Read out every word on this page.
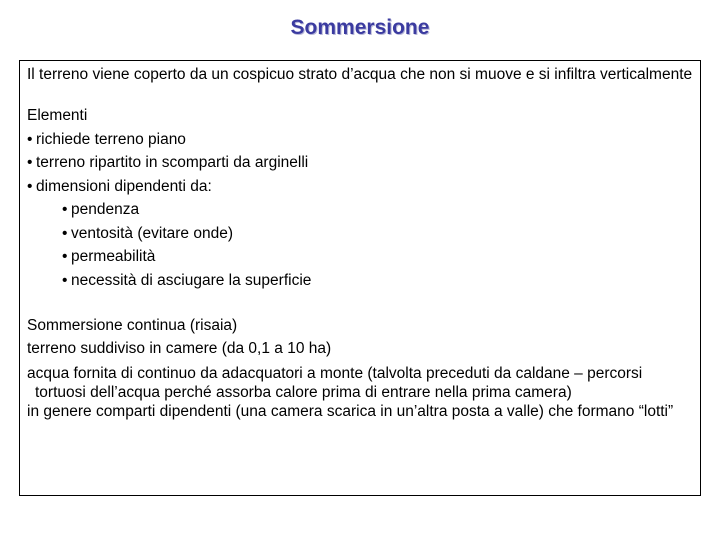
Sommersione

Il terreno viene coperto da un cospicuo strato d’acqua che non si muove e si infiltra verticalmente

Elementi

• richiede terreno piano

• terreno ripartito in scomparti da arginelli

• dimensioni dipendenti da:

• pendenza

• ventosità (evitare onde)

• permeabilità

• necessità di asciugare la superficie

Sommersione continua (risaia)

terreno suddiviso in camere (da 0,1 a 10 ha)

acqua fornita di continuo da adacquatori a monte (talvolta preceduti da caldane – percorsi tortuosi dell’acqua perché assorba calore prima di entrare nella prima camera)

in genere comparti dipendenti (una camera scarica in un’altra posta a valle) che formano “lotti”
